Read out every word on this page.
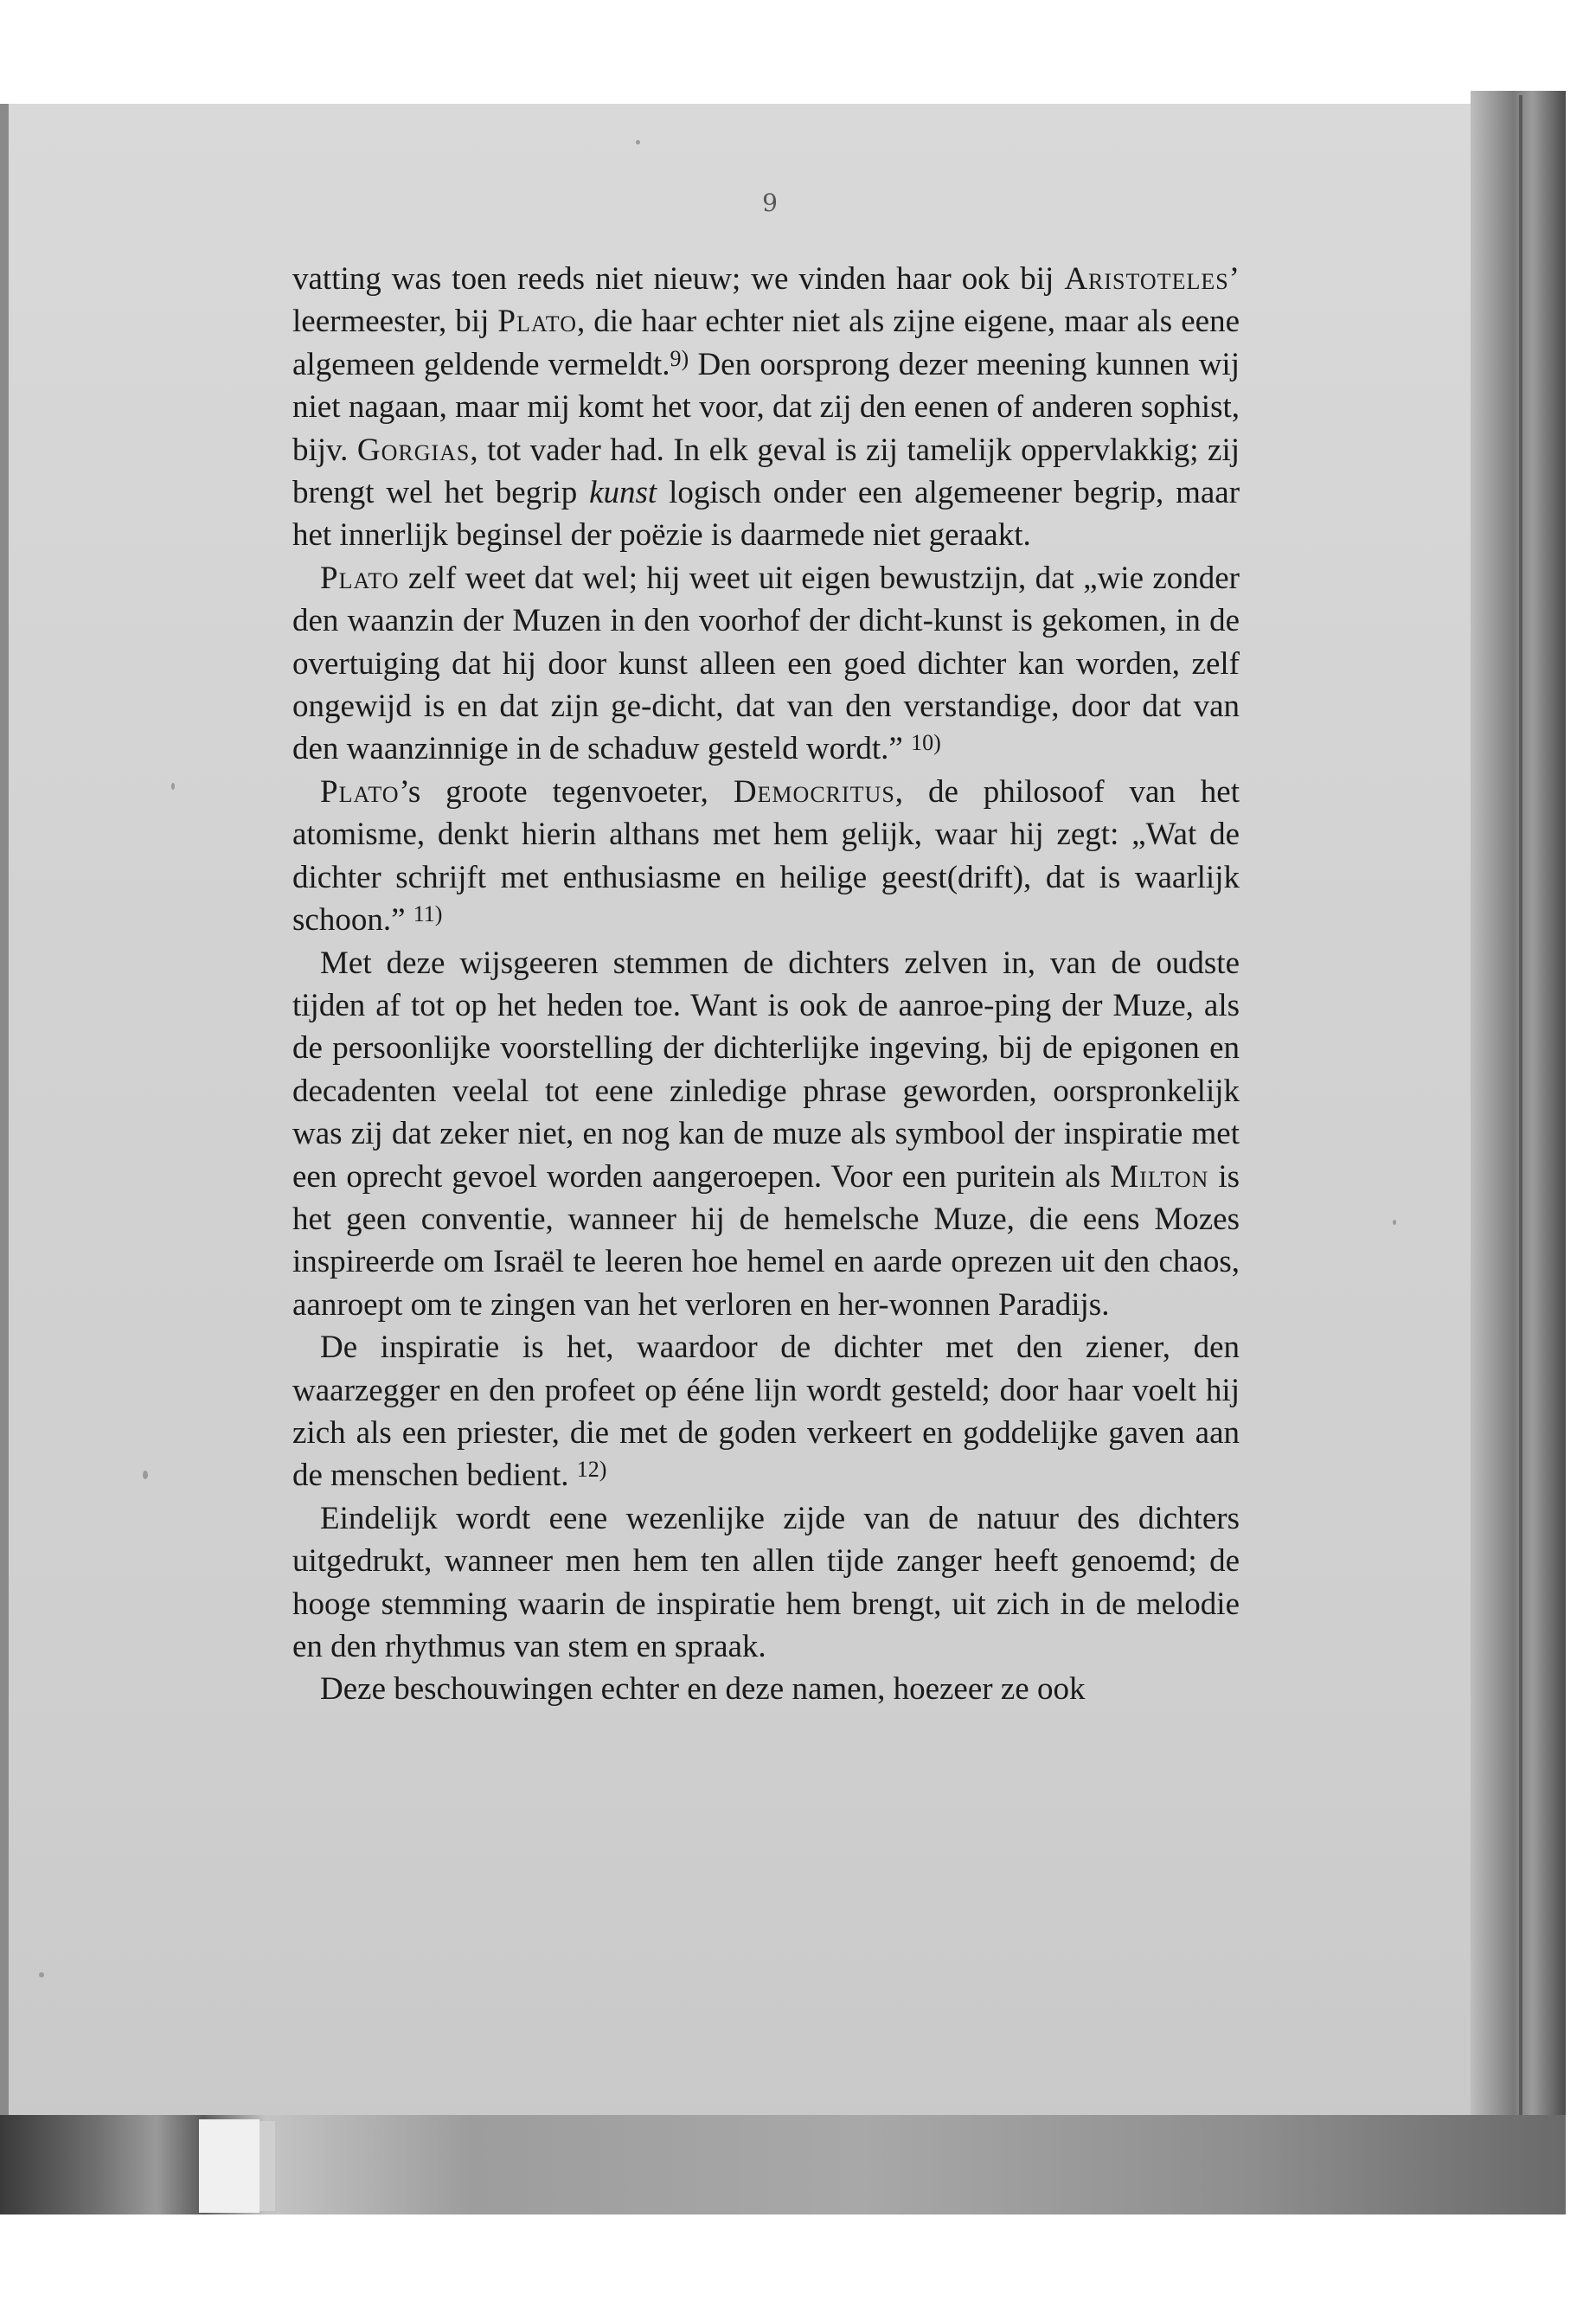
9

vatting was toen reeds niet nieuw; we vinden haar ook bij Aristoteles’ leermeester, bij Plato, die haar echter niet als zijne eigene, maar als eene algemeen geldende vermeldt.$^{9)}$ Den oorsprong dezer meening kunnen wij niet nagaan, maar mij komt het voor, dat zij den eenen of anderen sophist, bijv. Gorgias, tot vader had. In elk geval is zij tamelijk oppervlakkig; zij brengt wel het begrip kunst logisch onder een algemeener begrip, maar het innerlijk beginsel der poëzie is daarmede niet geraakt.

Plato zelf weet dat wel; hij weet uit eigen bewustzijn, dat „wie zonder den waanzin der Muzen in den voorhof der dicht-kunst is gekomen, in de overtuiging dat hij door kunst alleen een goed dichter kan worden, zelf ongewijd is en dat zijn ge-dicht, dat van den verstandige, door dat van den waanzinnige in de schaduw gesteld wordt.” $^{10)}$

Plato’s groote tegenvoeter, Democritus, de philosoof van het atomisme, denkt hierin althans met hem gelijk, waar hij zegt: „Wat de dichter schrijft met enthusiasme en heilige geest(drift), dat is waarlijk schoon.” $^{11)}$

Met deze wijsgeeren stemmen de dichters zelven in, van de oudste tijden af tot op het heden toe. Want is ook de aanroe-ping der Muze, als de persoonlijke voorstelling der dichterlijke ingeving, bij de epigonen en decadenten veelal tot eene zinledige phrase geworden, oorspronkelijk was zij dat zeker niet, en nog kan de muze als symbool der inspiratie met een oprecht gevoel worden aangeroepen. Voor een puritein als Milton is het geen conventie, wanneer hij de hemelsche Muze, die eens Mozes inspireerde om Israël te leeren hoe hemel en aarde oprezen uit den chaos, aanroept om te zingen van het verloren en her-wonnen Paradijs.

De inspiratie is het, waardoor de dichter met den ziener, den waarzegger en den profeet op ééne lijn wordt gesteld; door haar voelt hij zich als een priester, die met de goden verkeert en goddelijke gaven aan de menschen bedient. $^{12)}$

Eindelijk wordt eene wezenlijke zijde van de natuur des dichters uitgedrukt, wanneer men hem ten allen tijde zanger heeft genoemd; de hooge stemming waarin de inspiratie hem brengt, uit zich in de melodie en den rhythmus van stem en spraak.

Deze beschouwingen echter en deze namen, hoezeer ze ook
